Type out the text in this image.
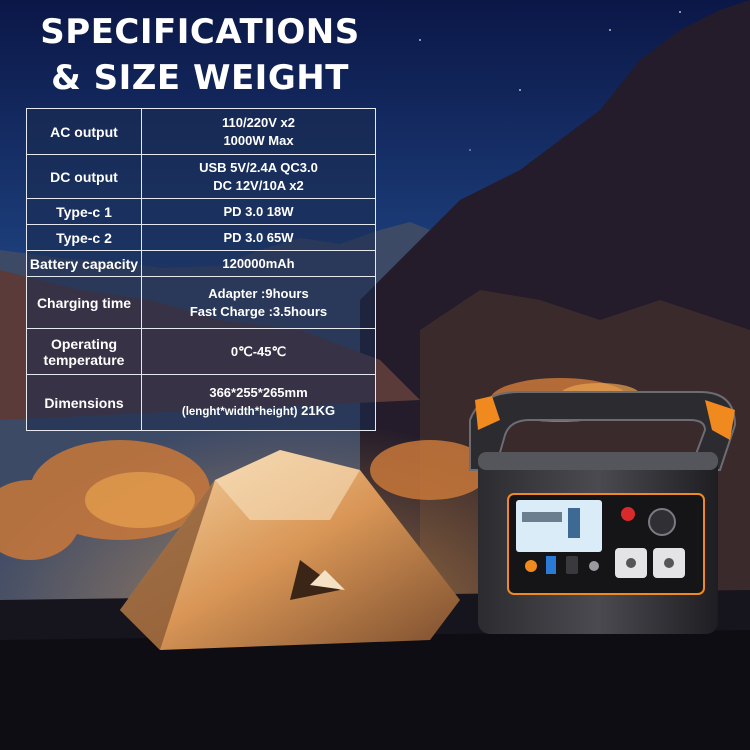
SPECIFICATIONS
& SIZE WEIGHT
AC output	110/220V x2
1000W Max

DC output	USB 5V/2.4A QC3.0
DC 12V/10A x2

Type-c 1	PD 3.0 18W
Type-c 2	PD 3.0 65W
Battery capacity	120000mAh
Charging time	Adapter :9hours
Fast Charge :3.5hours

Operating temperature	0℃-45℃
Dimensions	366*255*265mm
(lenght*width*height) 21KG
